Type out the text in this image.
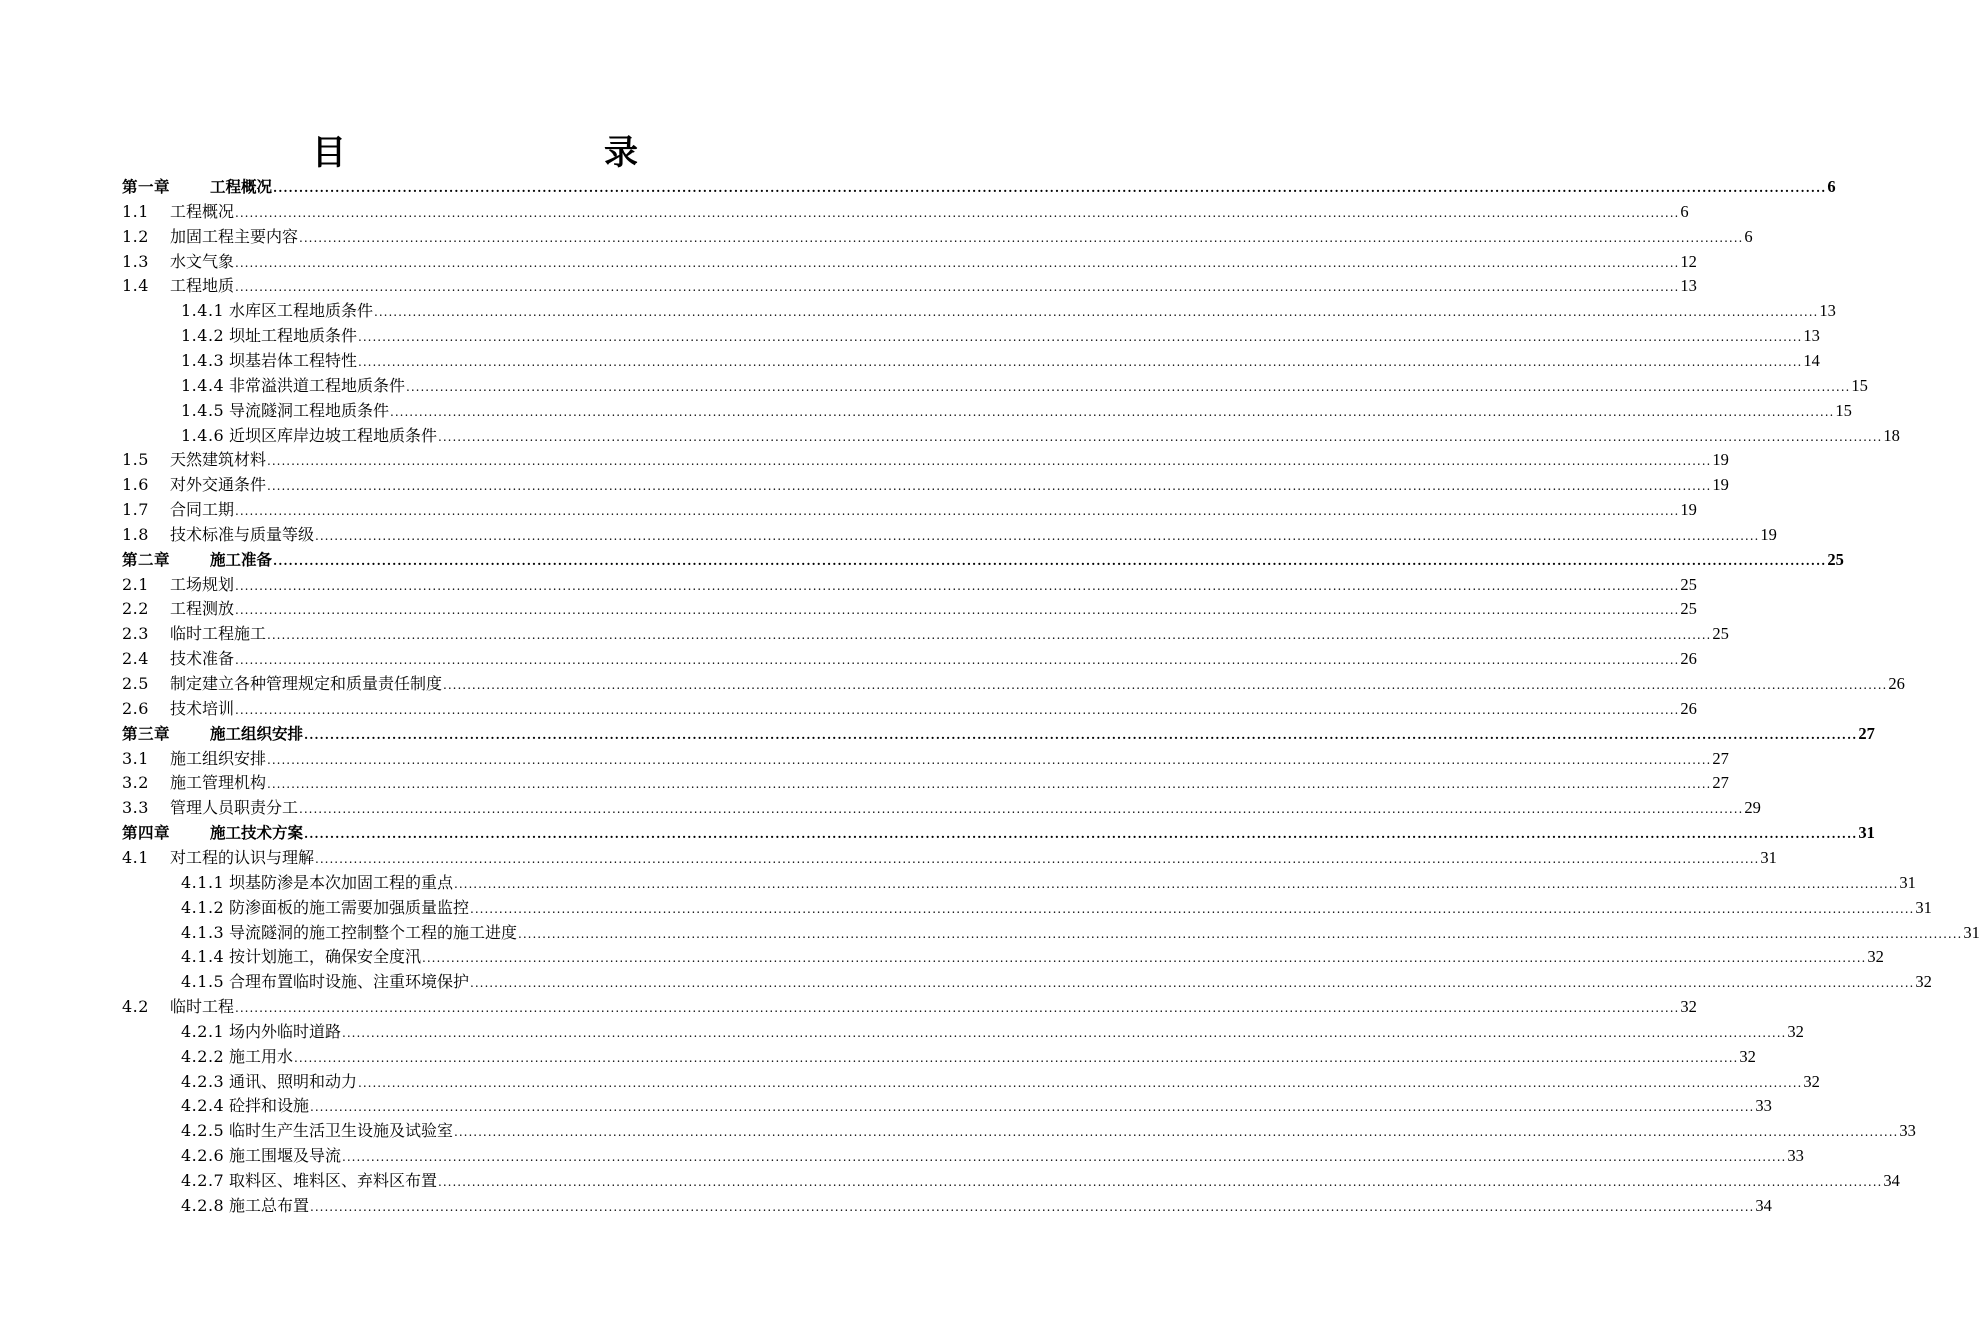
目　录
第一章	工程概况 ............................................................................................................................................................................................................................................................................................................ 6
1.1	工程概况 ............................................................................................................................................................................................................................................................................................................ 6
1.2	加固工程主要内容 ............................................................................................................................................................................................................................................................................................................ 6
1.3	水文气象 ............................................................................................................................................................................................................................................................................................................ 12
1.4	工程地质 ............................................................................................................................................................................................................................................................................................................ 13
1.4.1 水库区工程地质条件 ............................................................................................................................................................................................................................................................................................................ 13
1.4.2 坝址工程地质条件 ............................................................................................................................................................................................................................................................................................................ 13
1.4.3 坝基岩体工程特性 ............................................................................................................................................................................................................................................................................................................ 14
1.4.4 非常溢洪道工程地质条件 ............................................................................................................................................................................................................................................................................................................ 15
1.4.5 导流隧洞工程地质条件 ............................................................................................................................................................................................................................................................................................................ 15
1.4.6 近坝区库岸边坡工程地质条件 ............................................................................................................................................................................................................................................................................................................ 18
1.5	天然建筑材料 ............................................................................................................................................................................................................................................................................................................ 19
1.6	对外交通条件 ............................................................................................................................................................................................................................................................................................................ 19
1.7	合同工期 ............................................................................................................................................................................................................................................................................................................ 19
1.8	技术标准与质量等级 ............................................................................................................................................................................................................................................................................................................ 19
第二章	施工准备 ............................................................................................................................................................................................................................................................................................................ 25
2.1	工场规划 ............................................................................................................................................................................................................................................................................................................ 25
2.2	工程测放 ............................................................................................................................................................................................................................................................................................................ 25
2.3	临时工程施工 ............................................................................................................................................................................................................................................................................................................ 25
2.4	技术准备 ............................................................................................................................................................................................................................................................................................................ 26
2.5	制定建立各种管理规定和质量责任制度 ............................................................................................................................................................................................................................................................................................................ 26
2.6	技术培训 ............................................................................................................................................................................................................................................................................................................ 26
第三章	施工组织安排 ............................................................................................................................................................................................................................................................................................................ 27
3.1	施工组织安排 ............................................................................................................................................................................................................................................................................................................ 27
3.2	施工管理机构 ............................................................................................................................................................................................................................................................................................................ 27
3.3	管理人员职责分工 ............................................................................................................................................................................................................................................................................................................ 29
第四章	施工技术方案 ............................................................................................................................................................................................................................................................................................................ 31
4.1	对工程的认识与理解 ............................................................................................................................................................................................................................................................................................................ 31
4.1.1 坝基防渗是本次加固工程的重点 ............................................................................................................................................................................................................................................................................................................ 31
4.1.2 防渗面板的施工需要加强质量监控 ............................................................................................................................................................................................................................................................................................................ 31
4.1.3 导流隧洞的施工控制整个工程的施工进度 ............................................................................................................................................................................................................................................................................................................ 31
4.1.4 按计划施工，确保安全度汛 ............................................................................................................................................................................................................................................................................................................ 32
4.1.5 合理布置临时设施、注重环境保护 ............................................................................................................................................................................................................................................................................................................ 32
4.2	临时工程 ............................................................................................................................................................................................................................................................................................................ 32
4.2.1 场内外临时道路 ............................................................................................................................................................................................................................................................................................................ 32
4.2.2 施工用水 ............................................................................................................................................................................................................................................................................................................ 32
4.2.3 通讯、照明和动力 ............................................................................................................................................................................................................................................................................................................ 32
4.2.4 砼拌和设施 ............................................................................................................................................................................................................................................................................................................ 33
4.2.5 临时生产生活卫生设施及试验室 ............................................................................................................................................................................................................................................................................................................ 33
4.2.6 施工围堰及导流 ............................................................................................................................................................................................................................................................................................................ 33
4.2.7 取料区、堆料区、弃料区布置 ............................................................................................................................................................................................................................................................................................................ 34
4.2.8 施工总布置 ............................................................................................................................................................................................................................................................................................................ 34
